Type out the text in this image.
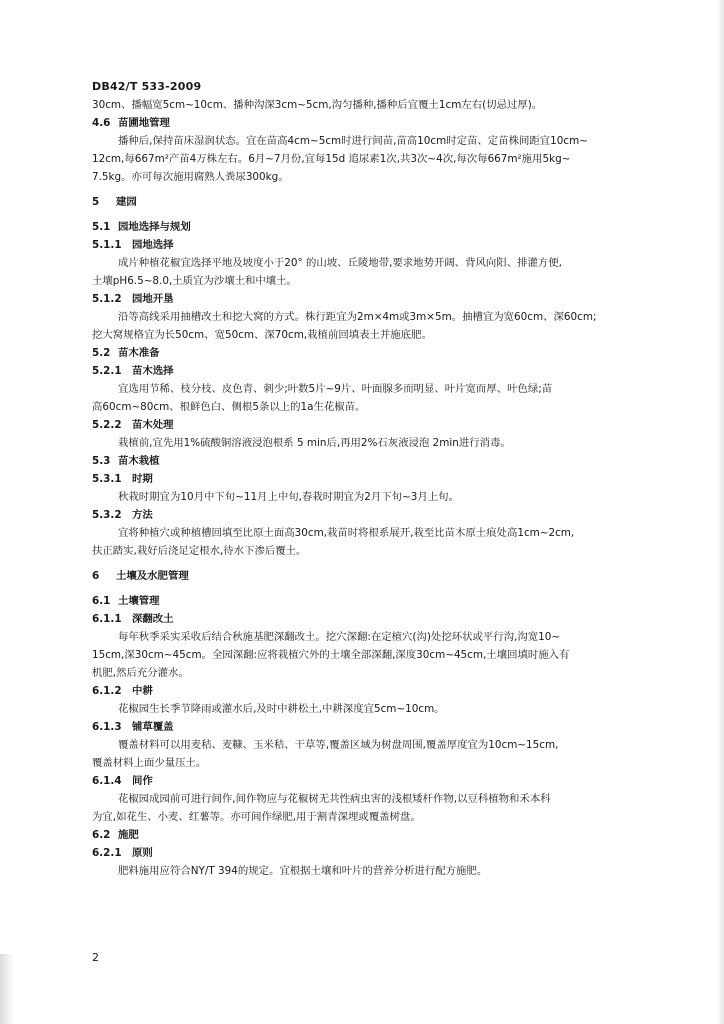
DB42/T 533-2009
30cm、播幅宽5cm~10cm、播种沟深3cm~5cm,沟匀播种,播种后宜覆土1cm左右(切忌过厚)。
4.6 苗圃地管理
播种后,保持苗床湿润状态。宜在苗高4cm~5cm时进行间苗,苗高10cm时定苗、定苗株间距宜10cm~
12cm,每667m²产苗4万株左右。6月~7月份,宜每15d 追尿素1次,共3次~4次,每次每667m²施用5kg~
7.5kg。亦可每次施用腐熟人粪尿300kg。
5 建园
5.1 园地选择与规划
5.1.1 园地选择
成片种植花椒宜选择平地及坡度小于20° 的山坡、丘陵地带,要求地势开阔、背风向阳、排灌方便,
土壤pH6.5~8.0,土质宜为沙壤土和中壤土。
5.1.2 园地开垦
沿等高线采用抽槽改土和挖大窝的方式。株行距宜为2m×4m或3m×5m。抽槽宜为宽60cm、深60cm;
挖大窝规格宜为长50cm、宽50cm、深70cm,栽植前回填表土并施底肥。
5.2 苗木准备
5.2.1 苗木选择
宜选用节稀、枝分枝、皮色青、刺少;叶数5片~9片、叶面腺多而明显、叶片宽而厚、叶色绿;苗
高60cm~80cm、根鲜色白、侧根5条以上的1a生花椒苗。
5.2.2 苗木处理
栽植前,宜先用1%硫酸铜溶液浸泡根系 5 min后,再用2%石灰液浸泡 2min进行消毒。
5.3 苗木栽植
5.3.1 时期
秋栽时期宜为10月中下旬~11月上中旬,春栽时期宜为2月下旬~3月上旬。
5.3.2 方法
宜将种植穴或种植槽回填至比原土面高30cm,栽苗时将根系展开,栽至比苗木原土痕处高1cm~2cm,
扶正踏实,栽好后浇足定根水,待水下渗后覆土。
6 土壤及水肥管理
6.1 土壤管理
6.1.1 深翻改土
每年秋季采实采收后结合秋施基肥深翻改土。挖穴深翻:在定植穴(沟)处挖环状或平行沟,沟宽10~
15cm,深30cm~45cm。全园深翻:应将栽植穴外的土壤全部深翻,深度30cm~45cm,土壤回填时施入有
机肥,然后充分灌水。
6.1.2 中耕
花椒园生长季节降雨或灌水后,及时中耕松土,中耕深度宜5cm~10cm。
6.1.3 铺草覆盖
覆盖材料可以用麦秸、麦糠、玉米秸、干草等,覆盖区域为树盘周围,覆盖厚度宜为10cm~15cm,
覆盖材料上面少量压土。
6.1.4 间作
花椒园成园前可进行间作,间作物应与花椒树无共性病虫害的浅根矮杆作物,以豆科植物和禾本科
为宜,如花生、小麦、红薯等。亦可间作绿肥,用于割青深埋或覆盖树盘。
6.2 施肥
6.2.1 原则
肥料施用应符合NY/T 394的规定。宜根据土壤和叶片的营养分析进行配方施肥。
2
